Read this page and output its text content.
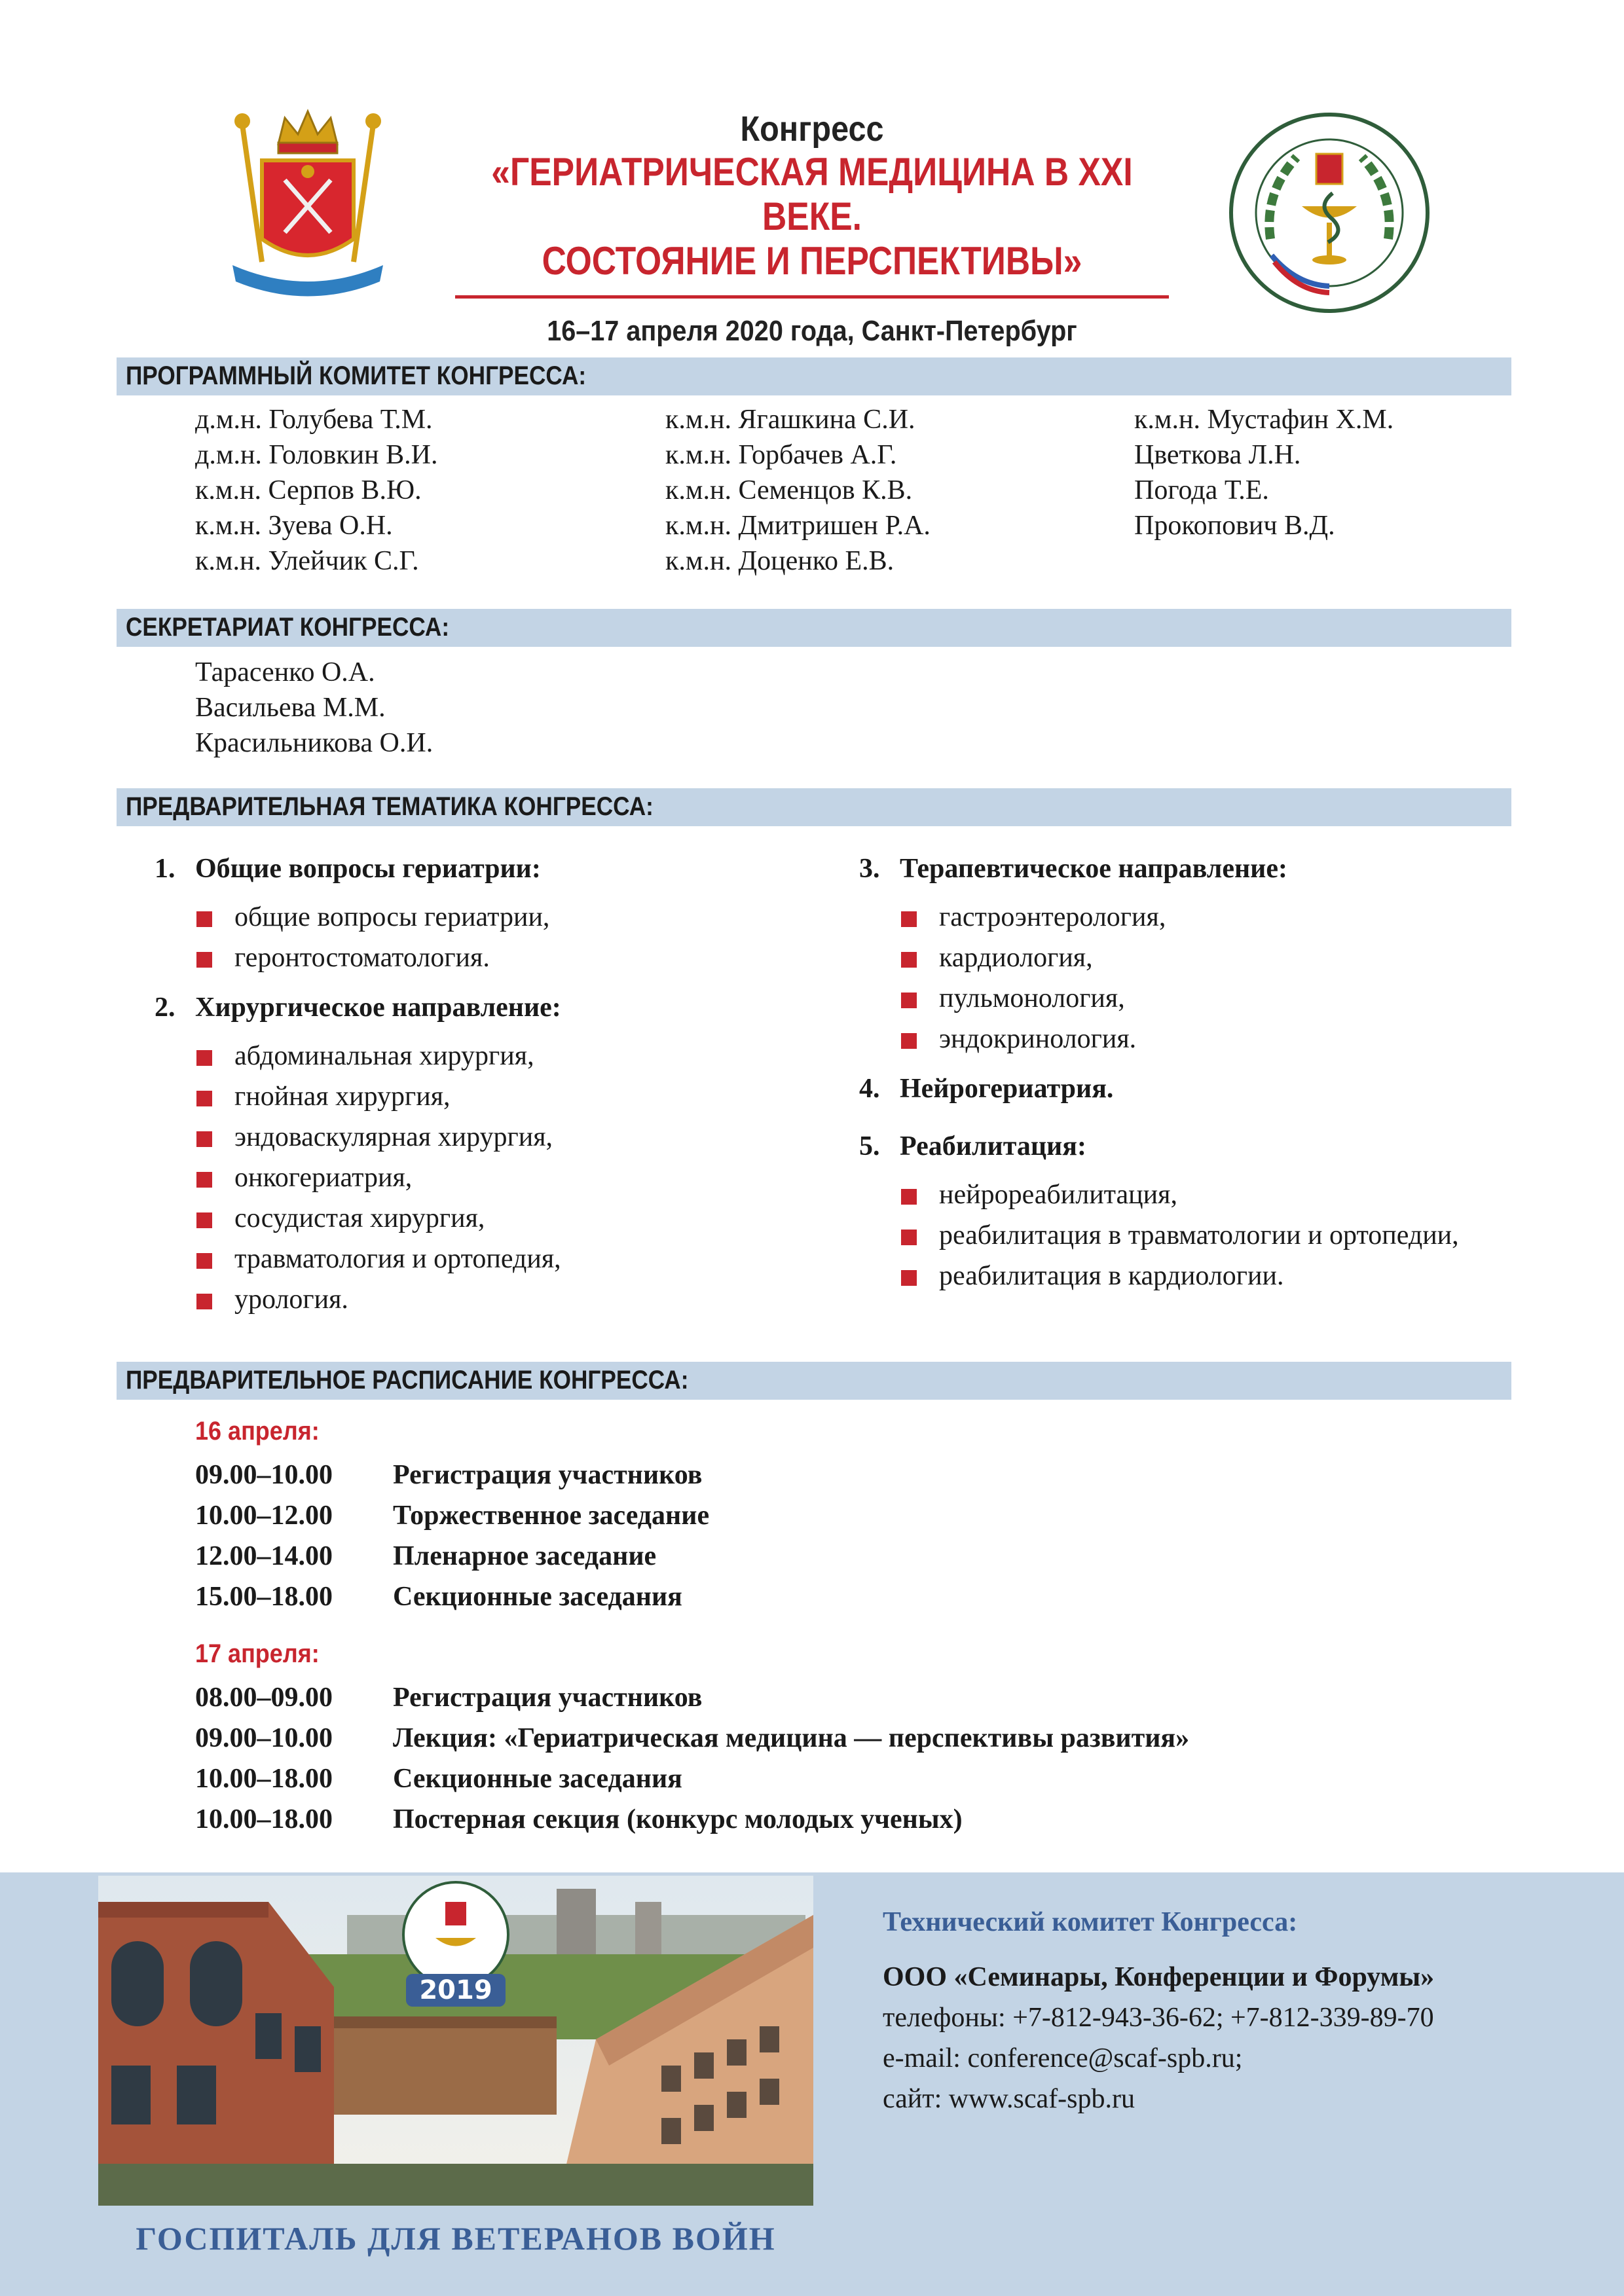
Конгресс
«ГЕРИАТРИЧЕСКАЯ МЕДИЦИНА В XXI ВЕКЕ.
СОСТОЯНИЕ И ПЕРСПЕКТИВЫ»
16–17 апреля 2020 года, Санкт-Петербург
ПРОГРАММНЫЙ КОМИТЕТ КОНГРЕССА:
д.м.н. Голубева Т.М.
д.м.н. Головкин В.И.
к.м.н. Серпов В.Ю.
к.м.н. Зуева О.Н.
к.м.н. Улейчик С.Г.
к.м.н. Ягашкина С.И.
к.м.н. Горбачев А.Г.
к.м.н. Семенцов К.В.
к.м.н. Дмитришен Р.А.
к.м.н. Доценко Е.В.
к.м.н. Мустафин Х.М.
Цветкова Л.Н.
Погода Т.Е.
Прокопович В.Д.
СЕКРЕТАРИАТ КОНГРЕССА:
Тарасенко О.А.
Васильева М.М.
Красильникова О.И.
ПРЕДВАРИТЕЛЬНАЯ ТЕМАТИКА КОНГРЕССА:
1. Общие вопросы гериатрии:
общие вопросы гериатрии,
геронтостоматология.
2. Хирургическое направление:
абдоминальная хирургия,
гнойная хирургия,
эндоваскулярная хирургия,
онкогериатрия,
сосудистая хирургия,
травматология и ортопедия,
урология.
3. Терапевтическое направление:
гастроэнтерология,
кардиология,
пульмонология,
эндокринология.
4. Нейрогериатрия.
5. Реабилитация:
нейрореабилитация,
реабилитация в травматологии и ортопедии,
реабилитация в кардиологии.
ПРЕДВАРИТЕЛЬНОЕ РАСПИСАНИЕ КОНГРЕССА:
16 апреля:
09.00–10.00	Регистрация участников
10.00–12.00	Торжественное заседание
12.00–14.00	Пленарное заседание
15.00–18.00	Секционные заседания
17 апреля:
08.00–09.00	Регистрация участников
09.00–10.00	Лекция: «Гериатрическая медицина — перспективы развития»
10.00–18.00	Секционные заседания
10.00–18.00	Постерная секция (конкурс молодых ученых)
2019
ГОСПИТАЛЬ ДЛЯ ВЕТЕРАНОВ ВОЙН
Технический комитет Конгресса:
ООО «Семинары, Конференции и Форумы»
телефоны: +7-812-943-36-62; +7-812-339-89-70
e-mail: conference@scaf-spb.ru;
сайт: www.scaf-spb.ru
